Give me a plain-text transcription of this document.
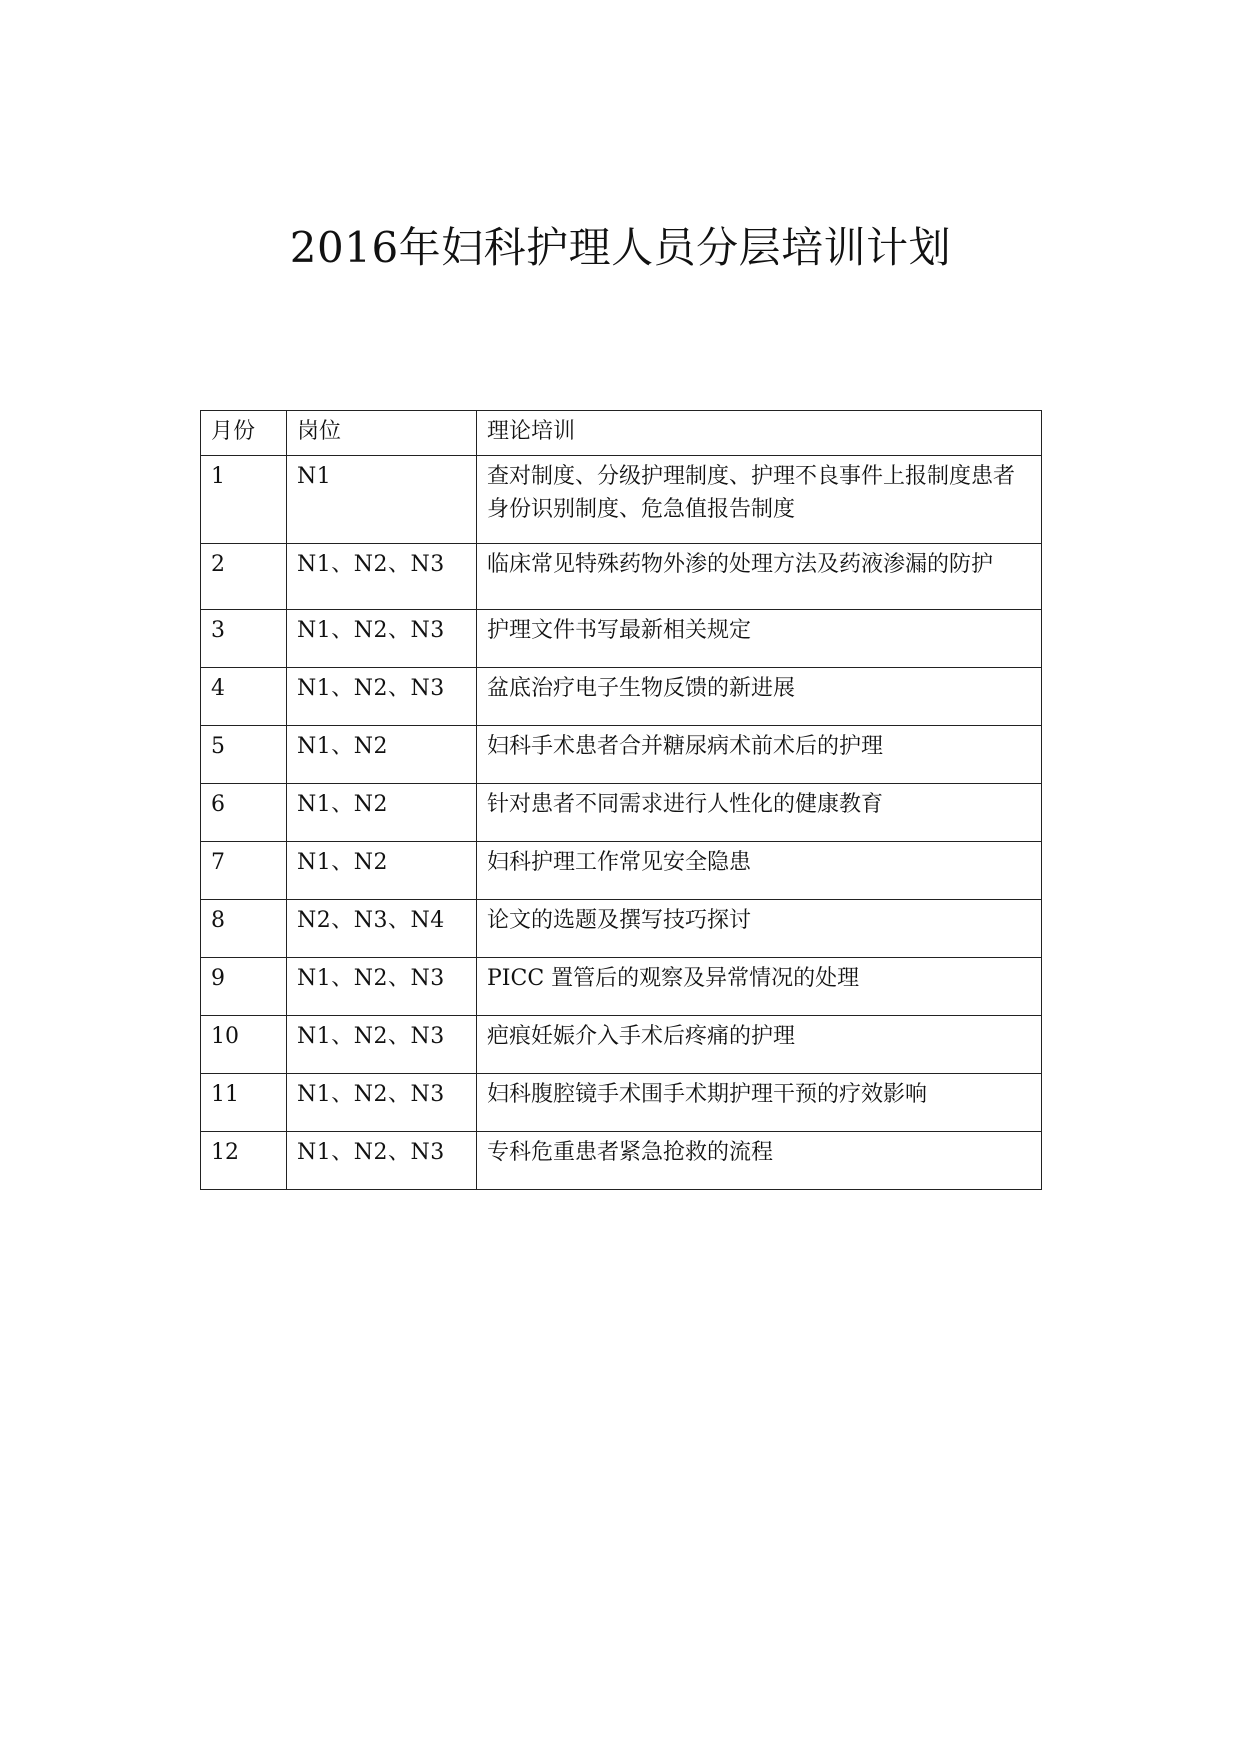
2016年妇科护理人员分层培训计划
月份	岗位	理论培训
1	N1	查对制度、分级护理制度、护理不良事件上报制度患者身份识别制度、危急值报告制度
2	N1、N2、N3	临床常见特殊药物外渗的处理方法及药液渗漏的防护
3	N1、N2、N3	护理文件书写最新相关规定
4	N1、N2、N3	盆底治疗电子生物反馈的新进展
5	N1、N2	妇科手术患者合并糖尿病术前术后的护理
6	N1、N2	针对患者不同需求进行人性化的健康教育
7	N1、N2	妇科护理工作常见安全隐患
8	N2、N3、N4	论文的选题及撰写技巧探讨
9	N1、N2、N3	PICC 置管后的观察及异常情况的处理
10	N1、N2、N3	疤痕妊娠介入手术后疼痛的护理
11	N1、N2、N3	妇科腹腔镜手术围手术期护理干预的疗效影响
12	N1、N2、N3	专科危重患者紧急抢救的流程
